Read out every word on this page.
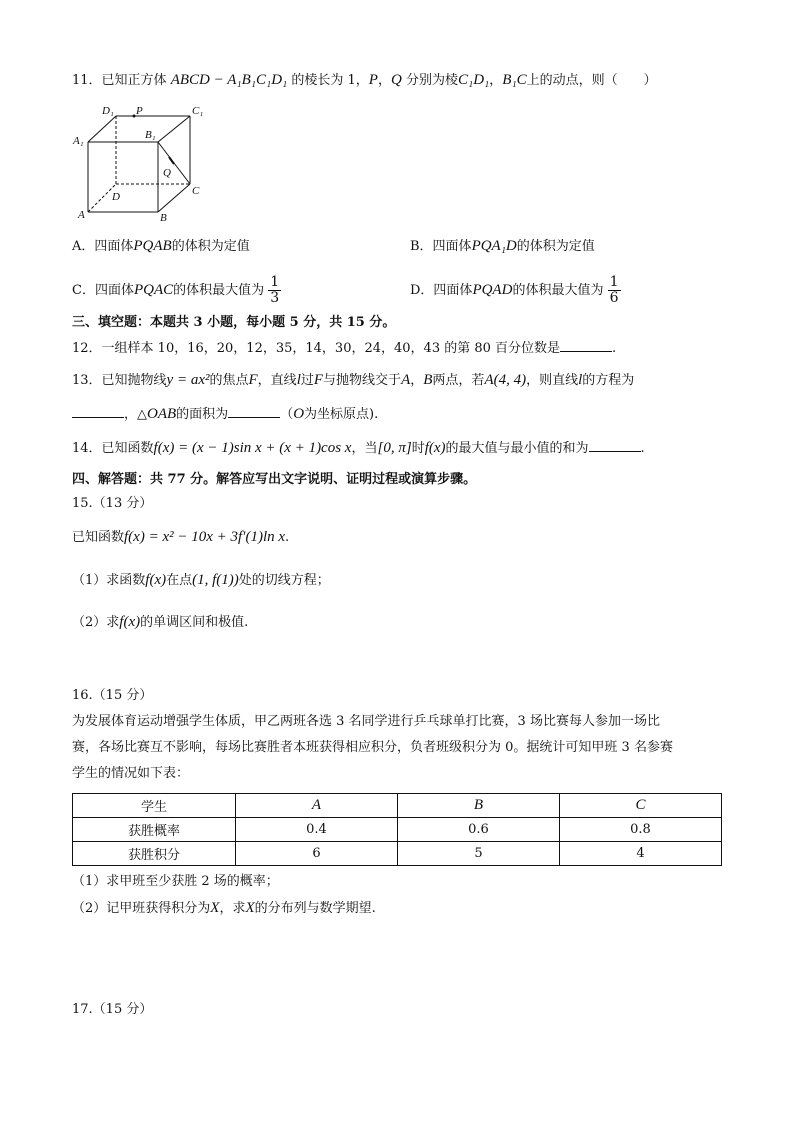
11．已知正方体 ABCD − A₁B₁C₁D₁ 的棱长为 1，P，Q 分别为棱C₁D₁，B₁C上的动点，则（　　）
D₁ P	C₁
A₁	B₁
Q
D	C
A	B
A．四面体PQAB的体积为定值	B．四面体PQA₁D的体积为定值
C．四面体PQAC的体积最大值为 $\frac{1}{3}$	D．四面体PQAD的体积最大值为 $\frac{1}{6}$
三、填空题：本题共 3 小题，每小题 5 分，共 15 分。
12．一组样本 10，16，20，12，35，14，30，24，40，43 的第 80 百分位数是	.
13．已知抛物线y = ax²的焦点F，直线l过F与抛物线交于A，B两点，若A(4, 4)，则直线l的方程为
，△OAB的面积为	（O为坐标原点).
14．已知函数f(x) = (x − 1)sin x + (x + 1)cos x，当[0, π]时f(x)的最大值与最小值的和为	.
四、解答题：共 77 分。解答应写出文字说明、证明过程或演算步骤。
15.（13 分）
已知函数f(x) = x² − 10x + 3f′(1)ln x.
（1）求函数f(x)在点(1, f(1))处的切线方程；
（2）求f(x)的单调区间和极值.
16.（15 分）
为发展体育运动增强学生体质，甲乙两班各选 3 名同学进行乒乓球单打比赛，3 场比赛每人参加一场比
赛，各场比赛互不影响，每场比赛胜者本班获得相应积分，负者班级积分为 0。据统计可知甲班 3 名参赛
学生的情况如下表：
学生	A	B	C
获胜概率	0.4	0.6	0.8
获胜积分	6	5	4
（1）求甲班至少获胜 2 场的概率；
（2）记甲班获得积分为X，求X的分布列与数学期望.
17.（15 分）
